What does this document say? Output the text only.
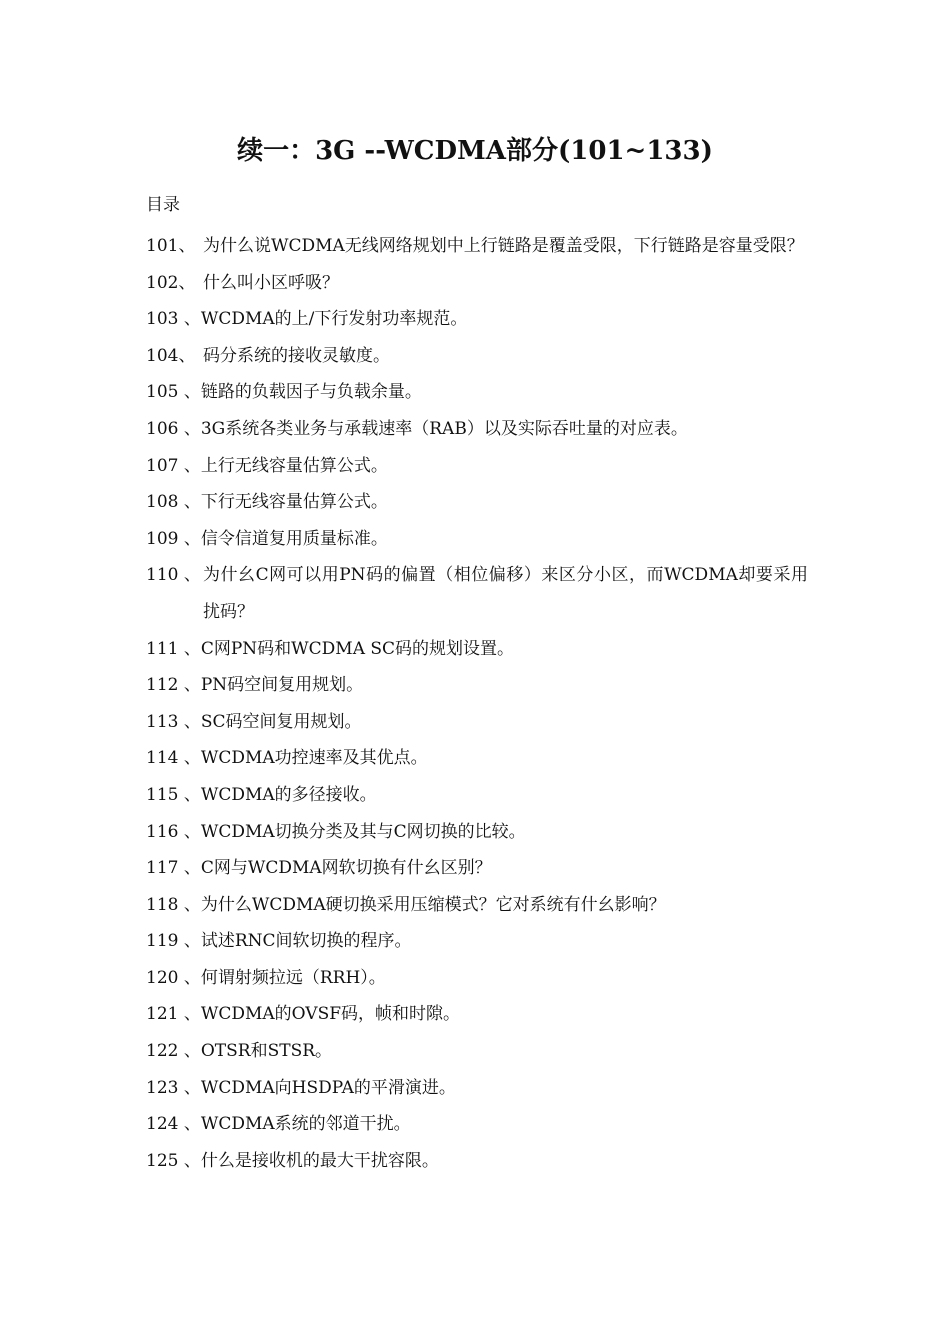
续一：3G --WCDMA部分(101~133)
目录
101、 为什么说WCDMA无线网络规划中上行链路是覆盖受限，下行链路是容量受限？
102、 什么叫小区呼吸？
103 、 WCDMA的上/下行发射功率规范。
104、 码分系统的接收灵敏度。
105 、 链路的负载因子与负载余量。
106 、 3G系统各类业务与承载速率（RAB）以及实际吞吐量的对应表。
107 、 上行无线容量估算公式。
108 、 下行无线容量估算公式。
109 、 信令信道复用质量标准。
110 、 为什幺C网可以用PN码的偏置（相位偏移）来区分小区，而WCDMA却要采用扰码？
111 、 C网PN码和WCDMA SC码的规划设置。
112 、 PN码空间复用规划。
113 、 SC码空间复用规划。
114 、 WCDMA功控速率及其优点。
115 、 WCDMA的多径接收。
116 、 WCDMA切换分类及其与C网切换的比较。
117 、 C网与WCDMA网软切换有什幺区别？
118 、 为什么WCDMA硬切换采用压缩模式？它对系统有什幺影响？
119 、 试述RNC间软切换的程序。
120 、 何谓射频拉远（RRH）。
121 、 WCDMA的OVSF码，帧和时隙。
122 、 OTSR和STSR。
123 、 WCDMA向HSDPA的平滑演进。
124 、 WCDMA系统的邻道干扰。
125 、 什么是接收机的最大干扰容限。
